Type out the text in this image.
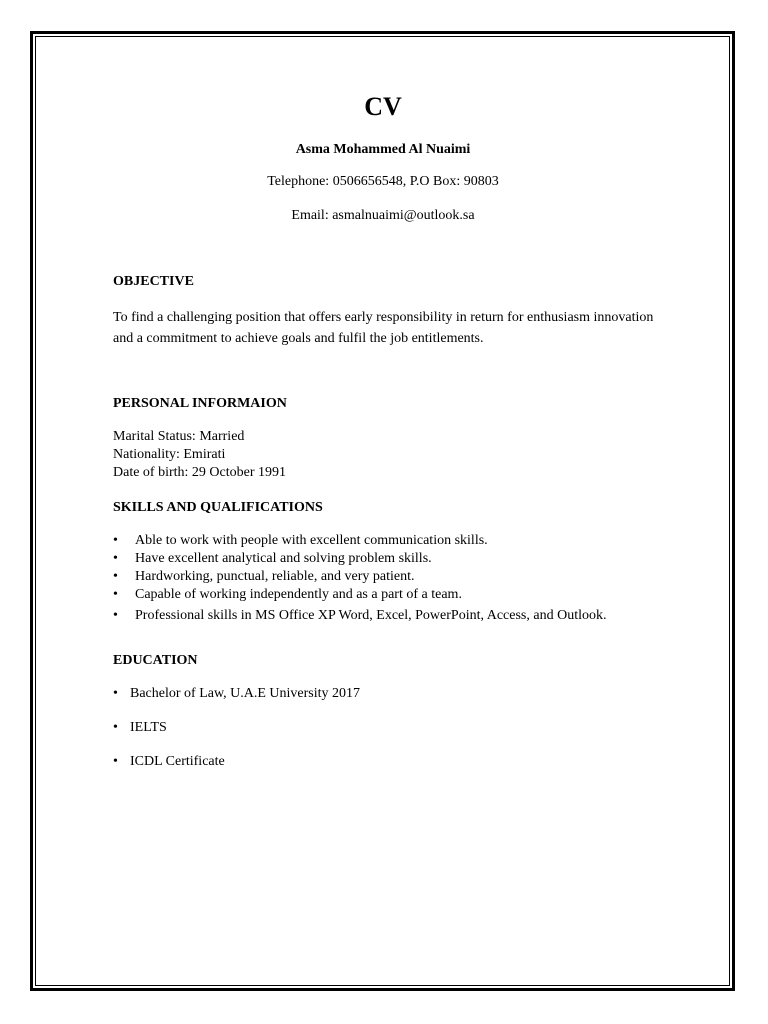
CV
Asma Mohammed Al Nuaimi
Telephone: 0506656548, P.O Box: 90803
Email: asmalnuaimi@outlook.sa
OBJECTIVE
To find a challenging position that offers early responsibility in return for enthusiasm innovation and a commitment to achieve goals and fulfil the job entitlements.
PERSONAL INFORMAION
Marital Status: Married
Nationality: Emirati
Date of birth: 29 October 1991
SKILLS AND QUALIFICATIONS
• Able to work with people with excellent communication skills.
• Have excellent analytical and solving problem skills.
• Hardworking, punctual, reliable, and very patient.
• Capable of working independently and as a part of a team.
• Professional skills in MS Office XP Word, Excel, PowerPoint, Access, and Outlook.
EDUCATION
• Bachelor of Law, U.A.E University 2017
• IELTS
• ICDL Certificate
